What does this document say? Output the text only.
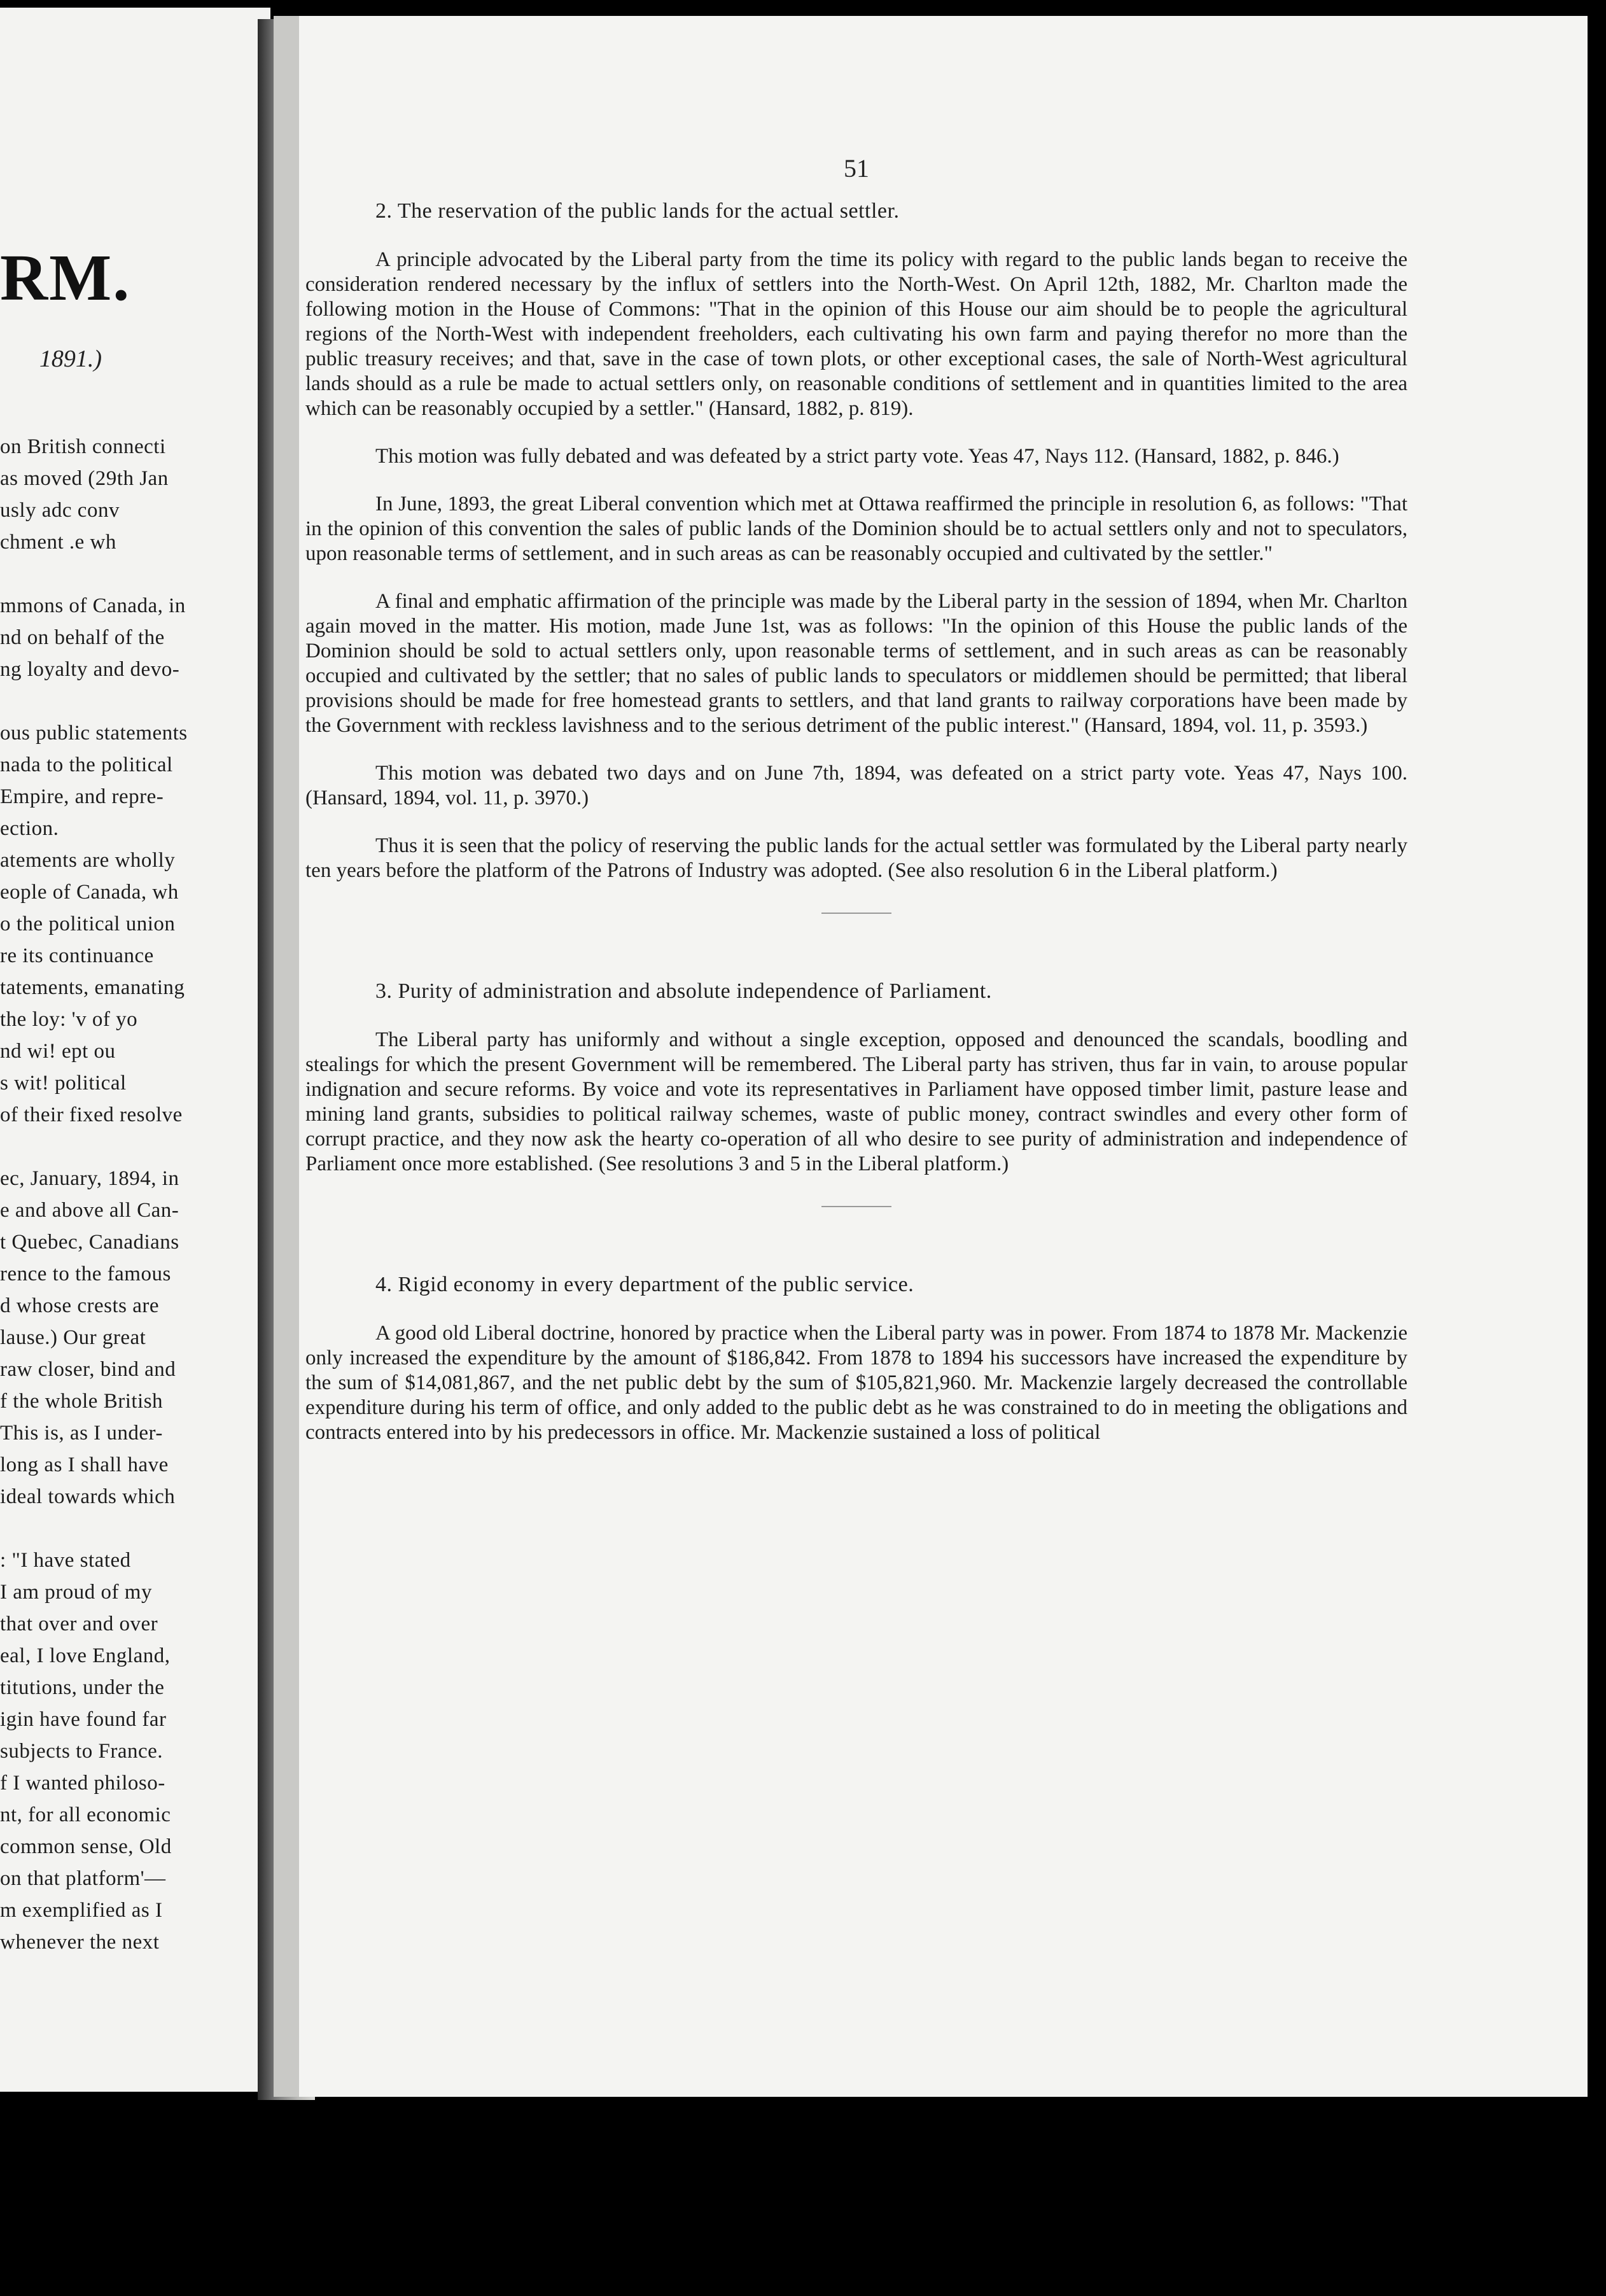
RM.
1891.)
on British connecti
as moved (29th Jan
usly adc conv
chment .e wh
mmons of Canada, in
nd on behalf of the
ng loyalty and devo-
ous public statements
nada to the political
Empire, and repre-
ection.
atements are wholly
eople of Canada, wh
o the political union
re its continuance
tatements, emanating
the loy: 'v of yo
nd wi! ept ou
s wit! political
of their fixed resolve
ec, January, 1894, in
e and above all Can-
t Quebec, Canadians
rence to the famous
d whose crests are
lause.) Our great
raw closer, bind and
f the whole British
This is, as I under-
long as I shall have
ideal towards which
: "I have stated
I am proud of my
that over and over
eal, I love England,
titutions, under the
igin have found far
subjects to France.
f I wanted philoso-
nt, for all economic
common sense, Old
on that platform'—
m exemplified as I
whenever the next
51
2. The reservation of the public lands for the actual settler.

A principle advocated by the Liberal party from the time its policy with regard to the public lands began to receive the consideration rendered necessary by the influx of settlers into the North-West. On April 12th, 1882, Mr. Charlton made the following motion in the House of Commons: "That in the opinion of this House our aim should be to people the agricultural regions of the North-West with independent freeholders, each cultivating his own farm and paying therefor no more than the public treasury receives; and that, save in the case of town plots, or other exceptional cases, the sale of North-West agricultural lands should as a rule be made to actual settlers only, on reasonable conditions of settlement and in quantities limited to the area which can be reasonably occupied by a settler." (Hansard, 1882, p. 819).

This motion was fully debated and was defeated by a strict party vote. Yeas 47, Nays 112. (Hansard, 1882, p. 846.)

In June, 1893, the great Liberal convention which met at Ottawa reaffirmed the principle in resolution 6, as follows: "That in the opinion of this convention the sales of public lands of the Dominion should be to actual settlers only and not to speculators, upon reasonable terms of settlement, and in such areas as can be reasonably occupied and cultivated by the settler."

A final and emphatic affirmation of the principle was made by the Liberal party in the session of 1894, when Mr. Charlton again moved in the matter. His motion, made June 1st, was as follows: "In the opinion of this House the public lands of the Dominion should be sold to actual settlers only, upon reasonable terms of settlement, and in such areas as can be reasonably occupied and cultivated by the settler; that no sales of public lands to speculators or middlemen should be permitted; that liberal provisions should be made for free homestead grants to settlers, and that land grants to railway corporations have been made by the Government with reckless lavishness and to the serious detriment of the public interest." (Hansard, 1894, vol. 11, p. 3593.)

This motion was debated two days and on June 7th, 1894, was defeated on a strict party vote. Yeas 47, Nays 100. (Hansard, 1894, vol. 11, p. 3970.)

Thus it is seen that the policy of reserving the public lands for the actual settler was formulated by the Liberal party nearly ten years before the platform of the Patrons of Industry was adopted. (See also resolution 6 in the Liberal platform.)

3. Purity of administration and absolute independence of Parliament.

The Liberal party has uniformly and without a single exception, opposed and denounced the scandals, boodling and stealings for which the present Government will be remembered. The Liberal party has striven, thus far in vain, to arouse popular indignation and secure reforms. By voice and vote its representatives in Parliament have opposed timber limit, pasture lease and mining land grants, subsidies to political railway schemes, waste of public money, contract swindles and every other form of corrupt practice, and they now ask the hearty co-operation of all who desire to see purity of administration and independence of Parliament once more established. (See resolutions 3 and 5 in the Liberal platform.)

4. Rigid economy in every department of the public service.

A good old Liberal doctrine, honored by practice when the Liberal party was in power. From 1874 to 1878 Mr. Mackenzie only increased the expenditure by the amount of $186,842. From 1878 to 1894 his successors have increased the expenditure by the sum of $14,081,867, and the net public debt by the sum of $105,821,960. Mr. Mackenzie largely decreased the controllable expenditure during his term of office, and only added to the public debt as he was constrained to do in meeting the obligations and contracts entered into by his predecessors in office. Mr. Mackenzie sustained a loss of political
